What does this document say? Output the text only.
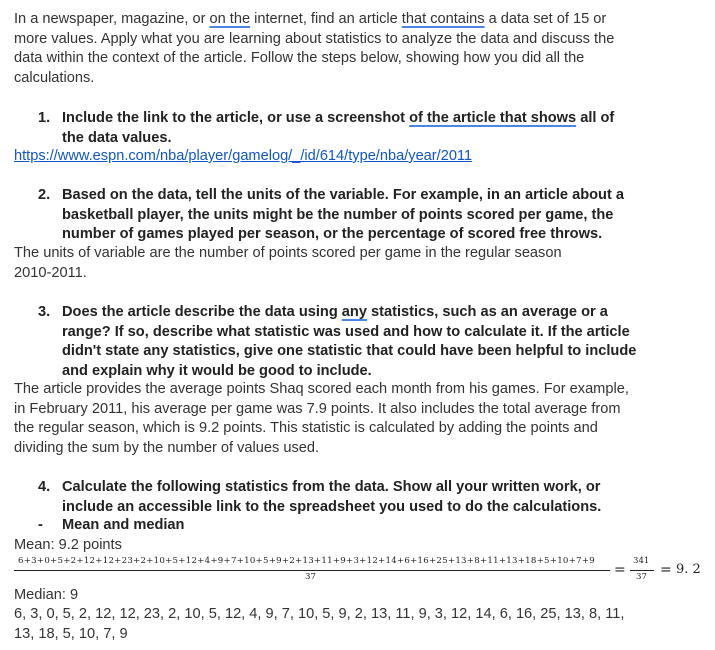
In a newspaper, magazine, or on the internet, find an article that contains a data set of 15 or more values. Apply what you are learning about statistics to analyze the data and discuss the data within the context of the article. Follow the steps below, showing how you did all the calculations.

1. Include the link to the article, or use a screenshot of the article that shows all of the data values.
https://www.espn.com/nba/player/gamelog/_/id/614/type/nba/year/2011
2. Based on the data, tell the units of the variable. For example, in an article about a basketball player, the units might be the number of points scored per game, the number of games played per season, or the percentage of scored free throws.

The units of variable are the number of points scored per game in the regular season 2010-2011.

3. Does the article describe the data using any statistics, such as an average or a range? If so, describe what statistic was used and how to calculate it. If the article didn't state any statistics, give one statistic that could have been helpful to include and explain why it would be good to include.

The article provides the average points Shaq scored each month from his games. For example, in February 2011, his average per game was 7.9 points. It also includes the total average from the regular season, which is 9.2 points. This statistic is calculated by adding the points and dividing the sum by the number of values used.

4. Calculate the following statistics from the data. Show all your written work, or include an accessible link to the spreadsheet you used to do the calculations.
-	Mean and median

Mean: 9.2 points

6+3+0+5+2+12+12+23+2+10+5+12+4+9+7+10+5+9+2+13+11+9+3+12+14+6+16+25+13+8+11+13+18+5+10+7+9
37	=
341
37 = 9. 2

Median: 9

6, 3, 0, 5, 2, 12, 12, 23, 2, 10, 5, 12, 4, 9, 7, 10, 5, 9, 2, 13, 11, 9, 3, 12, 14, 6, 16, 25, 13, 8, 11, 13, 18, 5, 10, 7, 9
